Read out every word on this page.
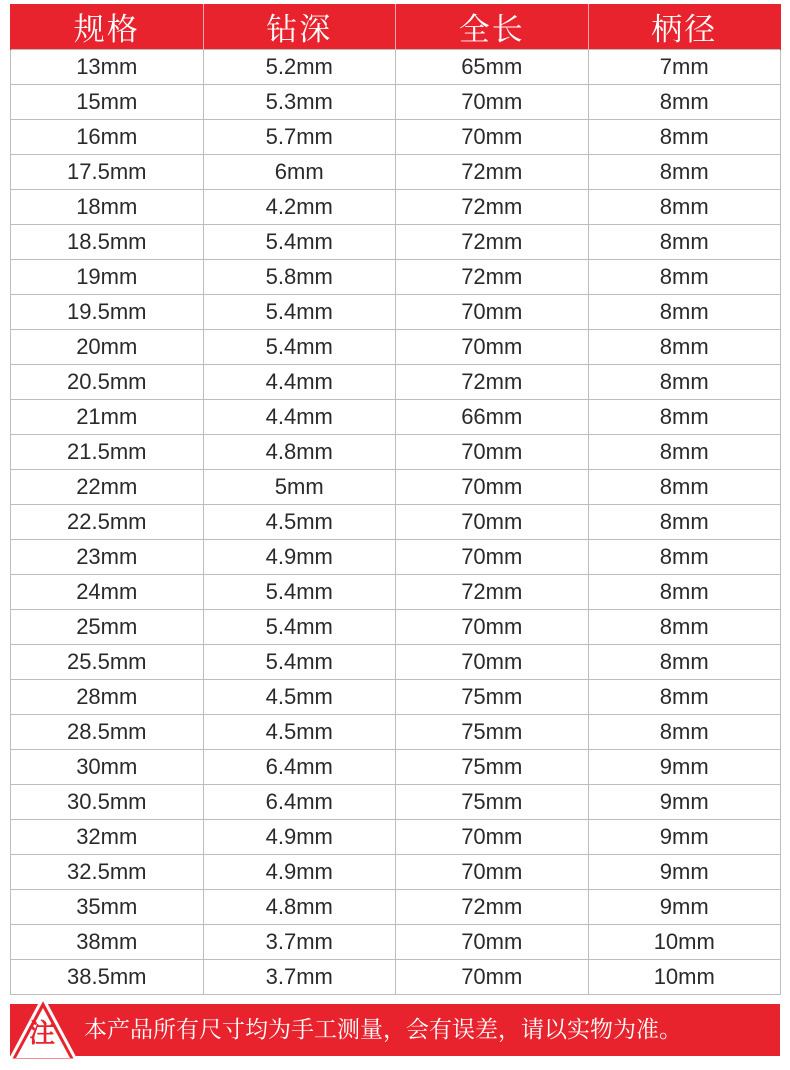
规格	钻深	全长	柄径
13mm	5.2mm	65mm	7mm
15mm	5.3mm	70mm	8mm
16mm	5.7mm	70mm	8mm
17.5mm	6mm	72mm	8mm
18mm	4.2mm	72mm	8mm
18.5mm	5.4mm	72mm	8mm
19mm	5.8mm	72mm	8mm
19.5mm	5.4mm	70mm	8mm
20mm	5.4mm	70mm	8mm
20.5mm	4.4mm	72mm	8mm
21mm	4.4mm	66mm	8mm
21.5mm	4.8mm	70mm	8mm
22mm	5mm	70mm	8mm
22.5mm	4.5mm	70mm	8mm
23mm	4.9mm	70mm	8mm
24mm	5.4mm	72mm	8mm
25mm	5.4mm	70mm	8mm
25.5mm	5.4mm	70mm	8mm
28mm	4.5mm	75mm	8mm
28.5mm	4.5mm	75mm	8mm
30mm	6.4mm	75mm	9mm
30.5mm	6.4mm	75mm	9mm
32mm	4.9mm	70mm	9mm
32.5mm	4.9mm	70mm	9mm
35mm	4.8mm	72mm	9mm
38mm	3.7mm	70mm	10mm
38.5mm	3.7mm	70mm	10mm
注 本产品所有尺寸均为手工测量，会有误差，请以实物为准。
